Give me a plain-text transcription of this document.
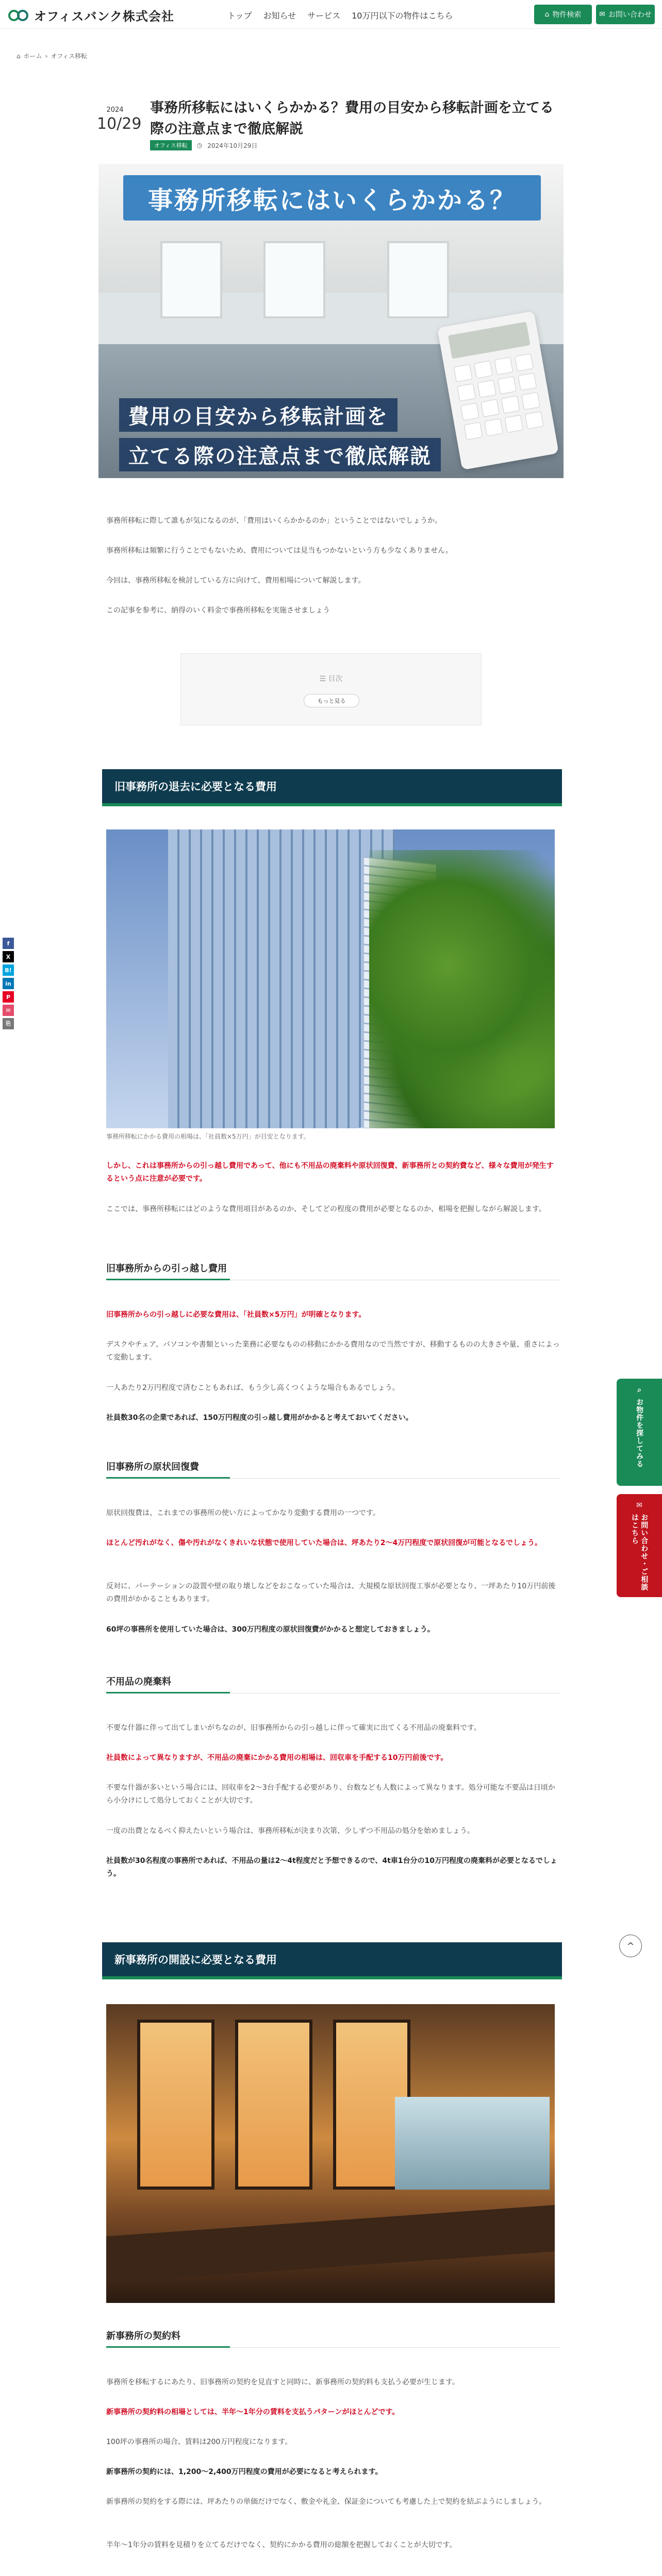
オフィスバンク株式会社	トップ お知らせ サービス 10万円以下の物件はこちら	⌂ 物件検索 ✉ お問い合わせ
⌂ ホーム › オフィス移転
2024
10/29
事務所移転にはいくらかかる？費用の目安から移転計画を立てる際の注意点まで徹底解説
オフィス移転	◷ 2024年10月29日
事務所移転にはいくらかかる？
費用の目安から移転計画を
立てる際の注意点まで徹底解説

事務所移転に際して誰もが気になるのが、「費用はいくらかかるのか」ということではないでしょうか。

事務所移転は頻繁に行うことでもないため、費用については見当もつかないという方も少なくありません。

今回は、事務所移転を検討している方に向けて、費用相場について解説します。

この記事を参考に、納得のいく料金で事務所移転を実施させましょう

☰ 目次
もっと見る
旧事務所の退去に必要となる費用
事務所移転にかかる費用の相場は、「社員数×5万円」が目安となります。

しかし、これは事務所からの引っ越し費用であって、他にも不用品の廃棄料や原状回復費、新事務所との契約費など、様々な費用が発生するという点に注意が必要です。

ここでは、事務所移転にはどのような費用項目があるのか、そしてどの程度の費用が必要となるのか、相場を把握しながら解説します。

旧事務所からの引っ越し費用

旧事務所からの引っ越しに必要な費用は、「社員数×5万円」が明確となります。

デスクやチェア、パソコンや書類といった業務に必要なものの移動にかかる費用なので当然ですが、移動するものの大きさや量、重さによって変動します。

一人あたり2万円程度で済むこともあれば、もう少し高くつくような場合もあるでしょう。

社員数30名の企業であれば、150万円程度の引っ越し費用がかかると考えておいてください。

旧事務所の原状回復費

原状回復費は、これまでの事務所の使い方によってかなり変動する費用の一つです。

ほとんど汚れがなく、傷や汚れがなくきれいな状態で使用していた場合は、坪あたり2〜4万円程度で原状回復が可能となるでしょう。

反対に、パーテーションの設置や壁の取り壊しなどをおこなっていた場合は、大規模な原状回復工事が必要となり、一坪あたり10万円前後の費用がかかることもあります。

60坪の事務所を使用していた場合は、300万円程度の原状回復費がかかると想定しておきましょう。

不用品の廃棄料

不要な什器に伴って出てしまいがちなのが、旧事務所からの引っ越しに伴って確実に出てくる不用品の廃棄料です。

社員数によって異なりますが、不用品の廃棄にかかる費用の相場は、回収車を手配する10万円前後です。

不要な什器が多いという場合には、回収車を2〜3台手配する必要があり、台数なども人数によって異なります。処分可能な不要品は日頃から小分けにして処分しておくことが大切です。

一度の出費となるべく抑えたいという場合は、事務所移転が決まり次第、少しずつ不用品の処分を始めましょう。

社員数が30名程度の事務所であれば、不用品の量は2〜4t程度だと予想できるので、4t車1台分の10万円程度の廃棄料が必要となるでしょう。

新事務所の開設に必要となる費用
新事務所の契約料

事務所を移転するにあたり、旧事務所の契約を見直すと同時に、新事務所の契約料も支払う必要が生じます。

新事務所の契約料の相場としては、半年〜1年分の賃料を支払うパターンがほとんどです。

100坪の事務所の場合、賃料は200万円程度になります。

新事務所の契約には、1,200〜2,400万円程度の費用が必要になると考えられます。

新事務所の契約をする際には、坪あたりの単価だけでなく、敷金や礼金、保証金についても考慮した上で契約を結ぶようにしましょう。

半年〜1年分の賃料を見積りを立てるだけでなく、契約にかかる費用の総額を把握しておくことが大切です。

f
X
B!
in
P
✉
⎘
⌕
お物件を探してみる
✉
お問い合わせ・ご相談はこちら
^
